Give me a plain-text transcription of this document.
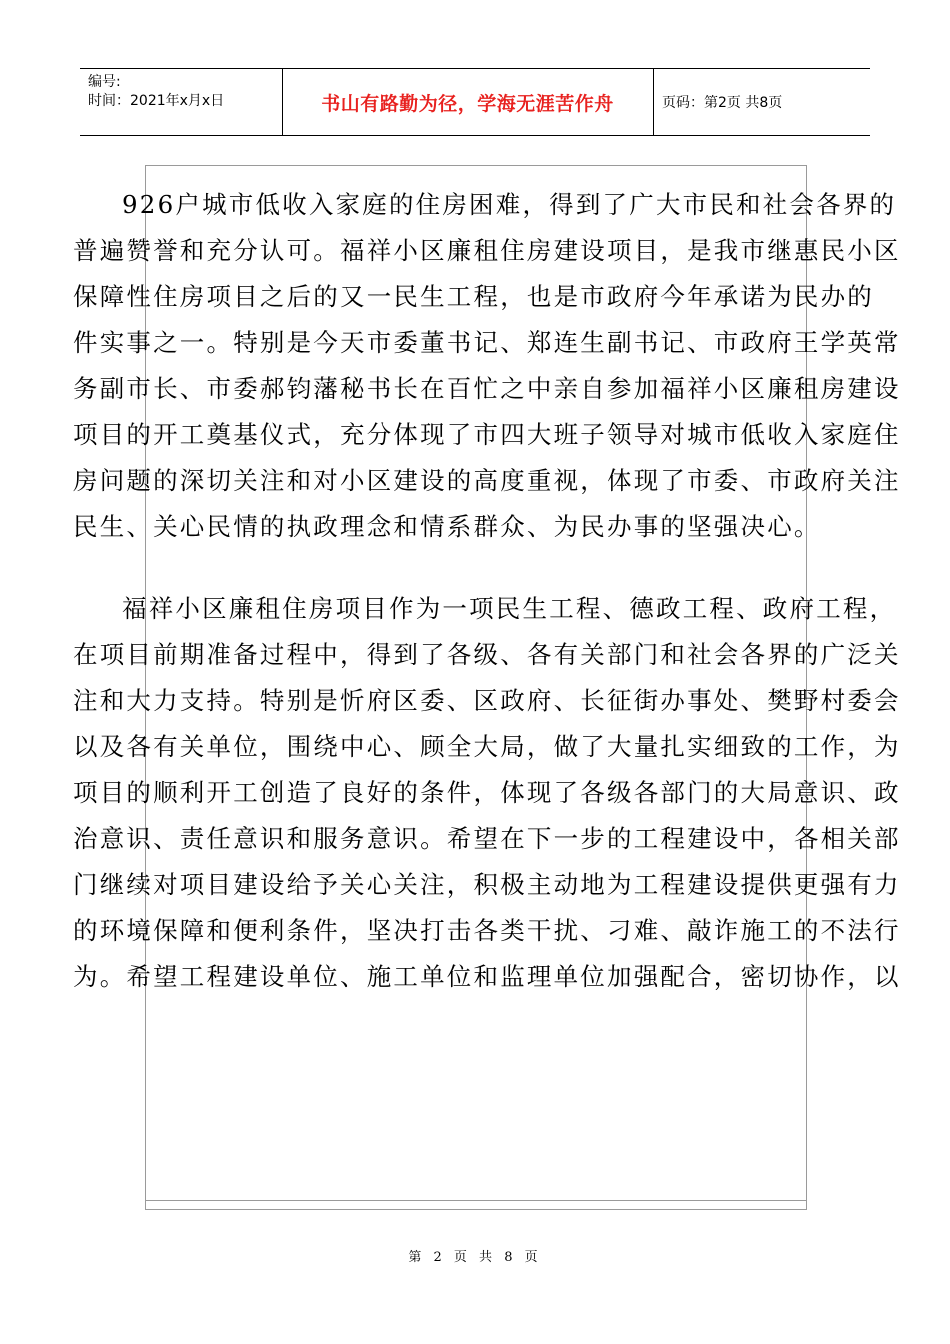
编号:
时间：2021年x月x日	书山有路勤为径，学海无涯苦作舟	页码：第2页 共8页
926户城市低收入家庭的住房困难，得到了广大市民和社会各界的
普遍赞誉和充分认可。福祥小区廉租住房建设项目，是我市继惠民小区
保障性住房项目之后的又一民生工程，也是市政府今年承诺为民办的
件实事之一。特别是今天市委董书记、郑连生副书记、市政府王学英常
务副市长、市委郝钧藩秘书长在百忙之中亲自参加福祥小区廉租房建设
项目的开工奠基仪式，充分体现了市四大班子领导对城市低收入家庭住
房问题的深切关注和对小区建设的高度重视，体现了市委、市政府关注
民生、关心民情的执政理念和情系群众、为民办事的坚强决心。
福祥小区廉租住房项目作为一项民生工程、德政工程、政府工程，
在项目前期准备过程中，得到了各级、各有关部门和社会各界的广泛关
注和大力支持。特别是忻府区委、区政府、长征街办事处、樊野村委会
以及各有关单位，围绕中心、顾全大局，做了大量扎实细致的工作，为
项目的顺利开工创造了良好的条件，体现了各级各部门的大局意识、政
治意识、责任意识和服务意识。希望在下一步的工程建设中，各相关部
门继续对项目建设给予关心关注，积极主动地为工程建设提供更强有力
的环境保障和便利条件，坚决打击各类干扰、刁难、敲诈施工的不法行
为。希望工程建设单位、施工单位和监理单位加强配合，密切协作，以
第 2 页 共 8 页
